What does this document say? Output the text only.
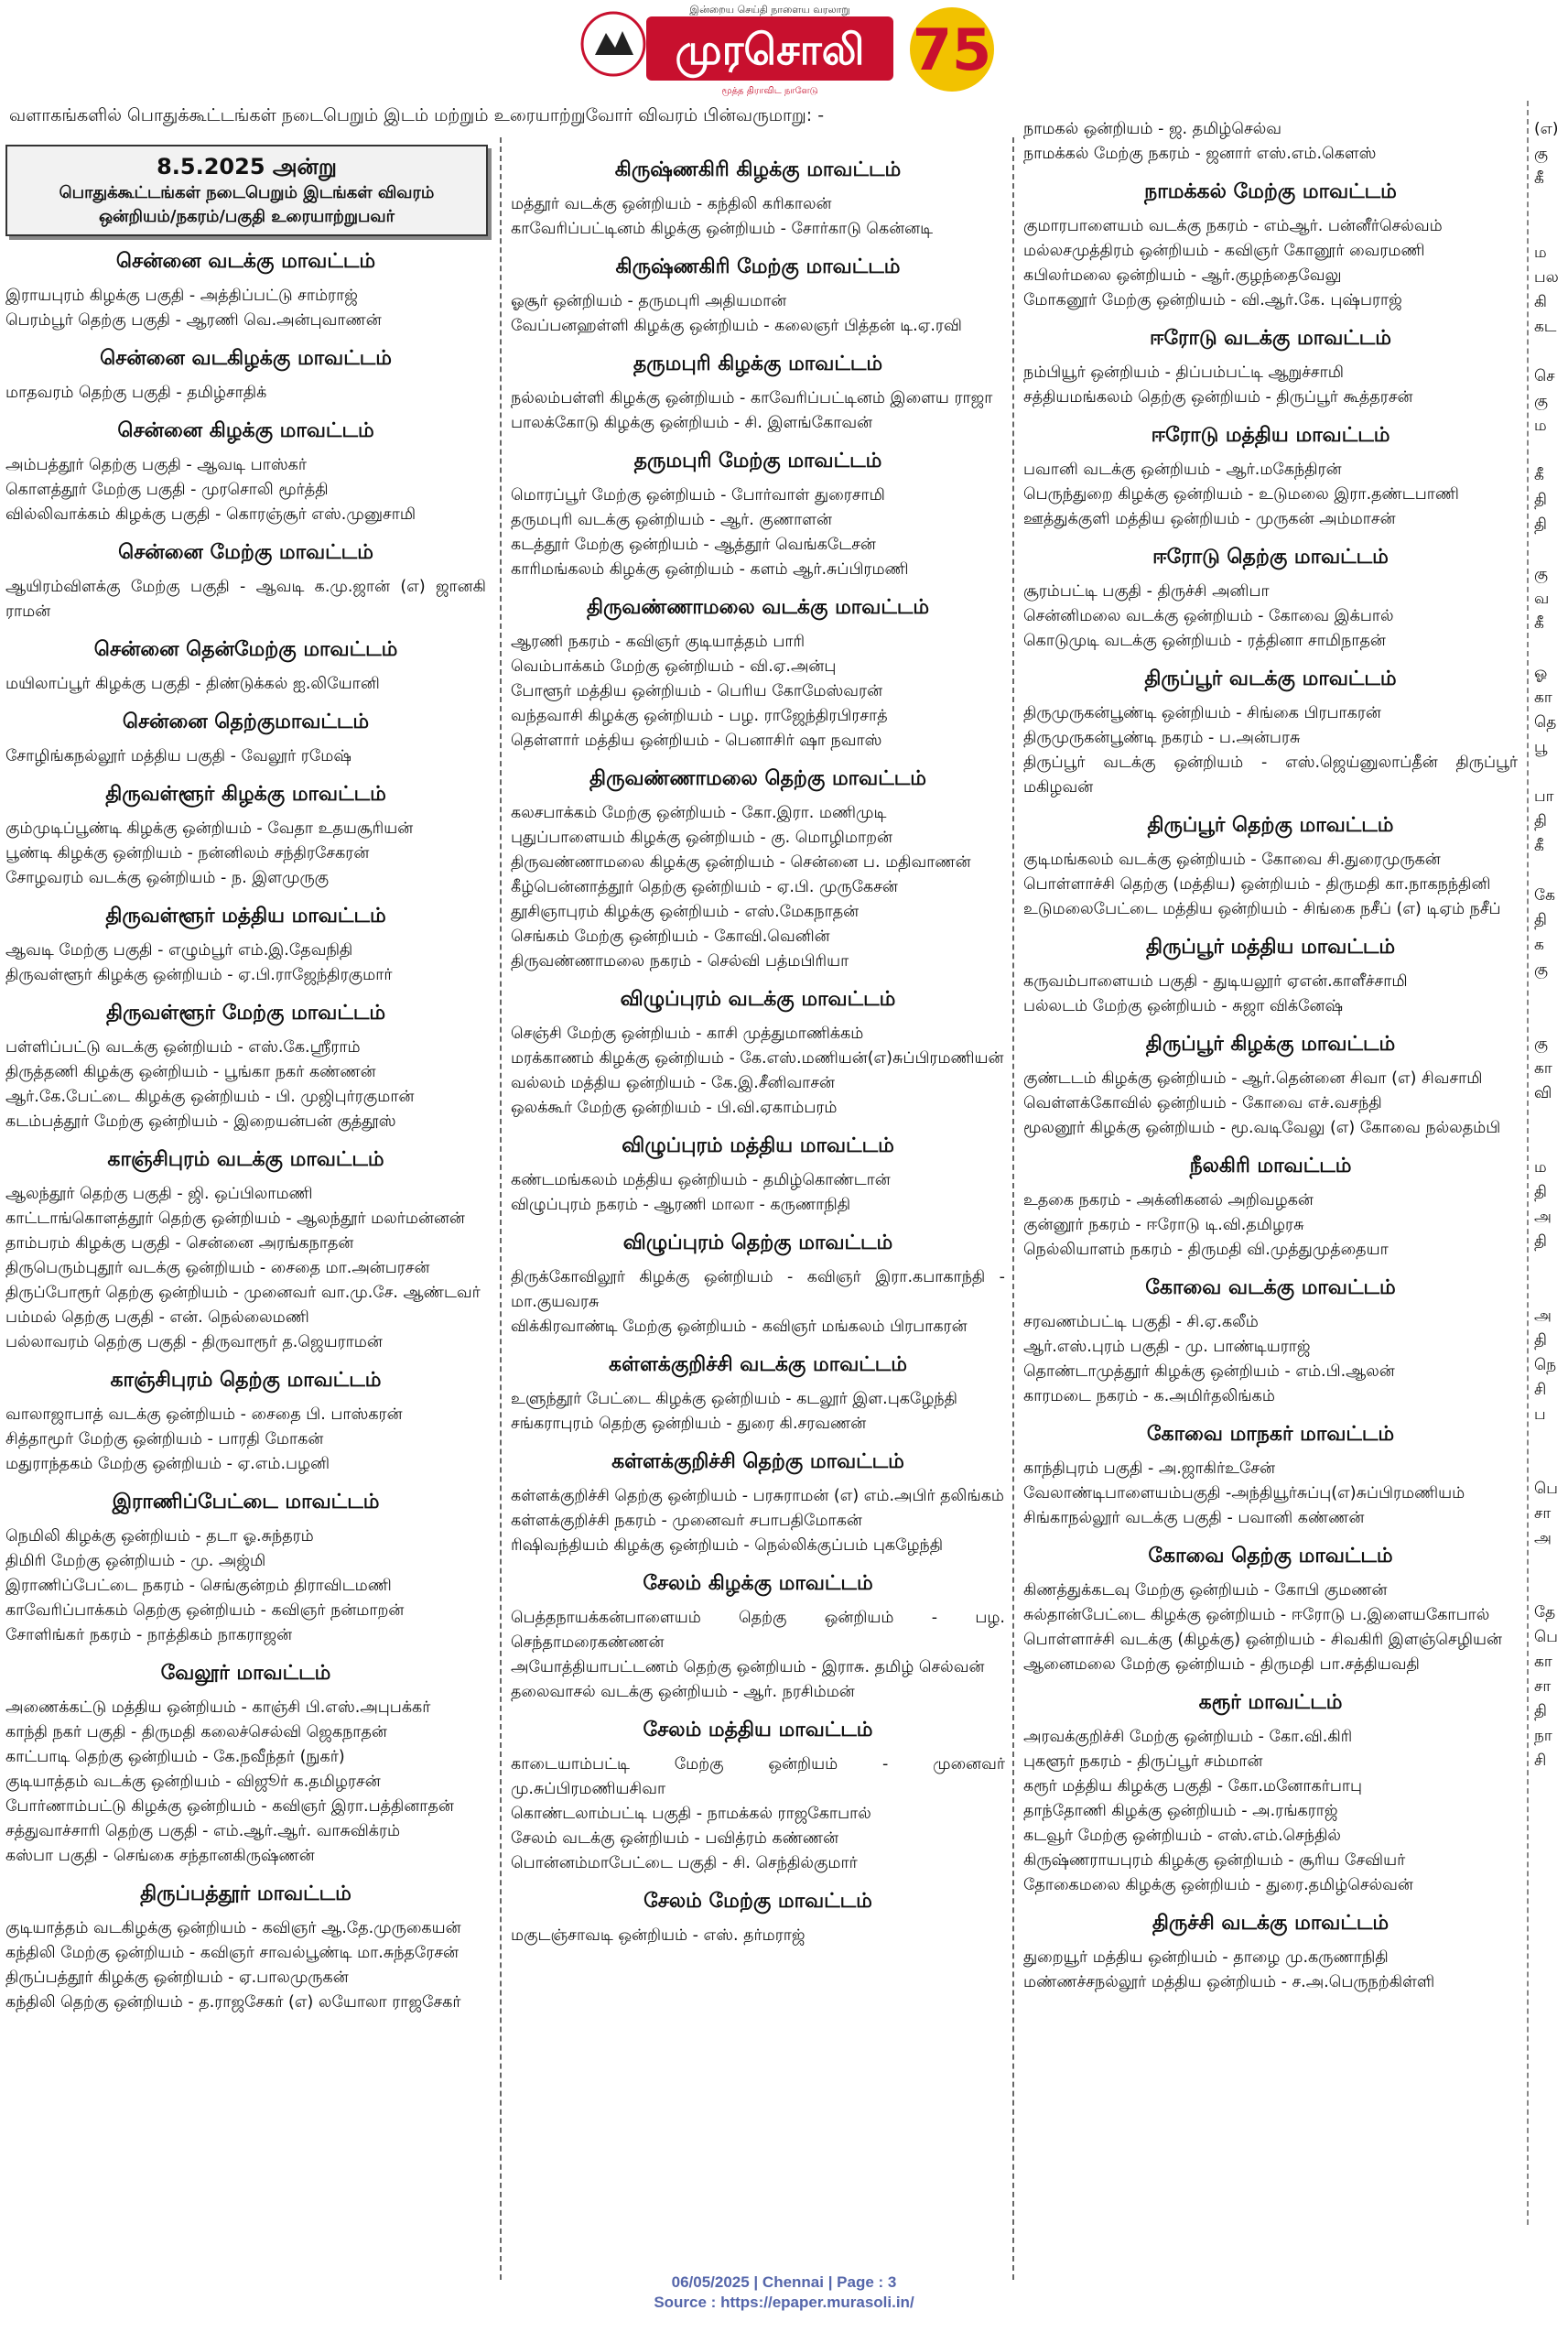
முரசொலி
இன்றைய செய்தி நாளைய வரலாறு
மூத்த திராவிட நாளேடு
75
வளாகங்களில் பொதுக்கூட்டங்கள் நடைபெறும் இடம் மற்றும் உரையாற்றுவோர் விவரம் பின்வருமாறு: -
8.5.2025 அன்று
பொதுக்கூட்டங்கள் நடைபெறும் இடங்கள் விவரம்
ஒன்றியம்/நகரம்/பகுதி உரையாற்றுபவர்
சென்னை வடக்கு மாவட்டம்

இராயபுரம் கிழக்கு பகுதி - அத்திப்பட்டு சாம்ராஜ்

பெரம்பூர் தெற்கு பகுதி - ஆரணி வெ.அன்புவாணன்

சென்னை வடகிழக்கு மாவட்டம்

மாதவரம் தெற்கு பகுதி - தமிழ்சாதிக்

சென்னை கிழக்கு மாவட்டம்

அம்பத்தூர் தெற்கு பகுதி - ஆவடி பாஸ்கர்

கொளத்தூர் மேற்கு பகுதி - முரசொலி மூர்த்தி

வில்லிவாக்கம் கிழக்கு பகுதி - கொரஞ்சூர் எஸ்.முனுசாமி

சென்னை மேற்கு மாவட்டம்

ஆயிரம்விளக்கு மேற்கு பகுதி - ஆவடி க.மு.ஜான் (எ) ஜானகி ராமன்

சென்னை தென்மேற்கு மாவட்டம்

மயிலாப்பூர் கிழக்கு பகுதி - திண்டுக்கல் ஐ.லியோனி

சென்னை தெற்குமாவட்டம்

சோழிங்கநல்லூர் மத்திய பகுதி - வேலூர் ரமேஷ்

திருவள்ளூர் கிழக்கு மாவட்டம்

கும்முடிப்பூண்டி கிழக்கு ஒன்றியம் - வேதா உதயசூரியன்

பூண்டி கிழக்கு ஒன்றியம் - நன்னிலம் சந்திரசேகரன்

சோழவரம் வடக்கு ஒன்றியம் - ந. இளமுருகு

திருவள்ளூர் மத்திய மாவட்டம்

ஆவடி மேற்கு பகுதி - எழும்பூர் எம்.இ.தேவநிதி

திருவள்ளூர் கிழக்கு ஒன்றியம் - ஏ.பி.ராஜேந்திரகுமார்

திருவள்ளூர் மேற்கு மாவட்டம்

பள்ளிப்பட்டு வடக்கு ஒன்றியம் - எஸ்.கே.ஸ்ரீராம்

திருத்தணி கிழக்கு ஒன்றியம் - பூங்கா நகர் கண்ணன்

ஆர்.கே.பேட்டை கிழக்கு ஒன்றியம் - பி. முஜிபுர்ரகுமான்

கடம்பத்தூர் மேற்கு ஒன்றியம் - இறையன்பன் குத்தூஸ்

காஞ்சிபுரம் வடக்கு மாவட்டம்

ஆலந்தூர் தெற்கு பகுதி - ஜி. ஒப்பிலாமணி

காட்டாங்கொளத்தூர் தெற்கு ஒன்றியம் - ஆலந்தூர் மலர்மன்னன்

தாம்பரம் கிழக்கு பகுதி - சென்னை அரங்கநாதன்

திருபெரும்புதூர் வடக்கு ஒன்றியம் - சைதை மா.அன்பரசன்

திருப்போரூர் தெற்கு ஒன்றியம் - முனைவர் வா.மு.சே. ஆண்டவர்

பம்மல் தெற்கு பகுதி - என். நெல்லைமணி

பல்லாவரம் தெற்கு பகுதி - திருவாரூர் த.ஜெயராமன்

காஞ்சிபுரம் தெற்கு மாவட்டம்

வாலாஜாபாத் வடக்கு ஒன்றியம் - சைதை பி. பாஸ்கரன்

சித்தாமூர் மேற்கு ஒன்றியம் - பாரதி மோகன்

மதுராந்தகம் மேற்கு ஒன்றியம் - ஏ.எம்.பழனி

இராணிப்பேட்டை மாவட்டம்

நெமிலி கிழக்கு ஒன்றியம் - தடா ஓ.சுந்தரம்

திமிரி மேற்கு ஒன்றியம் - மு. அஜ்மி

இராணிப்பேட்டை நகரம் - செங்குன்றம் திராவிடமணி

காவேரிப்பாக்கம் தெற்கு ஒன்றியம் - கவிஞர் நன்மாறன்

சோளிங்கர் நகரம் - நாத்திகம் நாகராஜன்

வேலூர் மாவட்டம்

அணைக்கட்டு மத்திய ஒன்றியம் - காஞ்சி பி.எஸ்.அபுபக்கர்

காந்தி நகர் பகுதி - திருமதி கலைச்செல்வி ஜெகநாதன்

காட்பாடி தெற்கு ஒன்றியம் - கே.நவீந்தர் (நுகர்)

குடியாத்தம் வடக்கு ஒன்றியம் - விஜூர் க.தமிழரசன்

போர்ணாம்பட்டு கிழக்கு ஒன்றியம் - கவிஞர் இரா.பத்தினாதன்

சத்துவாச்சாரி தெற்கு பகுதி - எம்.ஆர்.ஆர். வாசுவிக்ரம்

கஸ்பா பகுதி - செங்கை சந்தானகிருஷ்ணன்

திருப்பத்தூர் மாவட்டம்

குடியாத்தம் வடகிழக்கு ஒன்றியம் - கவிஞர் ஆ.தே.முருகையன்

கந்திலி மேற்கு ஒன்றியம் - கவிஞர் சாவல்பூண்டி மா.சுந்தரேசன்

திருப்பத்தூர் கிழக்கு ஒன்றியம் - ஏ.பாலமுருகன்

கந்திலி தெற்கு ஒன்றியம் - த.ராஜசேகர் (எ) லயோலா ராஜசேகர்

கிருஷ்ணகிரி கிழக்கு மாவட்டம்

மத்தூர் வடக்கு ஒன்றியம் - கந்திலி கரிகாலன்

காவேரிப்பட்டினம் கிழக்கு ஒன்றியம் - சோர்காடு கென்னடி

கிருஷ்ணகிரி மேற்கு மாவட்டம்

ஓசூர் ஒன்றியம் - தருமபுரி அதியமான்

வேப்பனஹள்ளி கிழக்கு ஒன்றியம் - கலைஞர் பித்தன் டி.ஏ.ரவி

தருமபுரி கிழக்கு மாவட்டம்

நல்லம்பள்ளி கிழக்கு ஒன்றியம் - காவேரிப்பட்டினம் இளைய ராஜா

பாலக்கோடு கிழக்கு ஒன்றியம் - சி. இளங்கோவன்

தருமபுரி மேற்கு மாவட்டம்

மொரப்பூர் மேற்கு ஒன்றியம் - போர்வாள் துரைசாமி

தருமபுரி வடக்கு ஒன்றியம் - ஆர். குணாளன்

கடத்தூர் மேற்கு ஒன்றியம் - ஆத்தூர் வெங்கடேசன்

காரிமங்கலம் கிழக்கு ஒன்றியம் - களம் ஆர்.சுப்பிரமணி

திருவண்ணாமலை வடக்கு மாவட்டம்

ஆரணி நகரம் - கவிஞர் குடியாத்தம் பாரி

வெம்பாக்கம் மேற்கு ஒன்றியம் - வி.ஏ.அன்பு

போளூர் மத்திய ஒன்றியம் - பெரிய கோமேஸ்வரன்

வந்தவாசி கிழக்கு ஒன்றியம் - பழ. ராஜேந்திரபிரசாத்

தெள்ளார் மத்திய ஒன்றியம் - பெனாசிர் ஷா நவாஸ்

திருவண்ணாமலை தெற்கு மாவட்டம்

கலசபாக்கம் மேற்கு ஒன்றியம் - கோ.இரா. மணிமுடி

புதுப்பாளையம் கிழக்கு ஒன்றியம் - கு. மொழிமாறன்

திருவண்ணாமலை கிழக்கு ஒன்றியம் - சென்னை ப. மதிவாணன்

கீழ்பென்னாத்தூர் தெற்கு ஒன்றியம் - ஏ.பி. முருகேசன்

தூசிஞாபுரம் கிழக்கு ஒன்றியம் - எஸ்.மேகநாதன்

செங்கம் மேற்கு ஒன்றியம் - கோவி.வெனின்

திருவண்ணாமலை நகரம் - செல்வி பத்மபிரியா

விழுப்புரம் வடக்கு மாவட்டம்

செஞ்சி மேற்கு ஒன்றியம் - காசி முத்துமாணிக்கம்

மரக்காணம் கிழக்கு ஒன்றியம் - கே.எஸ்.மணியன்(எ)சுப்பிரமணியன்

வல்லம் மத்திய ஒன்றியம் - கே.இ.சீனிவாசன்

ஒலக்கூர் மேற்கு ஒன்றியம் - பி.வி.ஏகாம்பரம்

விழுப்புரம் மத்திய மாவட்டம்

கண்டமங்கலம் மத்திய ஒன்றியம் - தமிழ்கொண்டான்

விழுப்புரம் நகரம் - ஆரணி மாலா - கருணாநிதி

விழுப்புரம் தெற்கு மாவட்டம்

திருக்கோவிலூர் கிழக்கு ஒன்றியம் - கவிஞர் இரா.கபாகாந்தி - மா.குயவரசு

விக்கிரவாண்டி மேற்கு ஒன்றியம் - கவிஞர் மங்கலம் பிரபாகரன்

கள்ளக்குறிச்சி வடக்கு மாவட்டம்

உளுந்தூர் பேட்டை கிழக்கு ஒன்றியம் - கடலூர் இள.புகழேந்தி

சங்கராபுரம் தெற்கு ஒன்றியம் - துரை கி.சரவணன்

கள்ளக்குறிச்சி தெற்கு மாவட்டம்

கள்ளக்குறிச்சி தெற்கு ஒன்றியம் - பரசுராமன் (எ) எம்.அபிர் தலிங்கம்

கள்ளக்குறிச்சி நகரம் - முனைவர் சபாபதிமோகன்

ரிஷிவந்தியம் கிழக்கு ஒன்றியம் - நெல்லிக்குப்பம் புகழேந்தி

சேலம் கிழக்கு மாவட்டம்

பெத்தநாயக்கன்பாளையம் தெற்கு ஒன்றியம் - பழ. செந்தாமரைகண்ணன்

அயோத்தியாபட்டணம் தெற்கு ஒன்றியம் - இராசு. தமிழ் செல்வன்

தலைவாசல் வடக்கு ஒன்றியம் - ஆர். நரசிம்மன்

சேலம் மத்திய மாவட்டம்

காடையாம்பட்டி மேற்கு ஒன்றியம் - முனைவர் மு.சுப்பிரமணியசிவா

கொண்டலாம்பட்டி பகுதி - நாமக்கல் ராஜகோபால்

சேலம் வடக்கு ஒன்றியம் - பவித்ரம் கண்ணன்

பொன்னம்மாபேட்டை பகுதி - சி. செந்தில்குமார்

சேலம் மேற்கு மாவட்டம்

மகுடஞ்சாவடி ஒன்றியம் - எஸ். தர்மராஜ்

நாமகல் ஒன்றியம் - ஜ. தமிழ்செல்வ

நாமக்கல் மேற்கு நகரம் - ஜனார் எஸ்.எம்.கௌஸ்

நாமக்கல் மேற்கு மாவட்டம்

குமாரபாளையம் வடக்கு நகரம் - எம்ஆர். பன்னீர்செல்வம்

மல்லசமுத்திரம் ஒன்றியம் - கவிஞர் கோனூர் வைரமணி

கபிலர்மலை ஒன்றியம் - ஆர்.குழந்தைவேலு

மோகனூர் மேற்கு ஒன்றியம் - வி.ஆர்.கே. புஷ்பராஜ்

ஈரோடு வடக்கு மாவட்டம்

நம்பியூர் ஒன்றியம் - திப்பம்பட்டி ஆறுச்சாமி

சத்தியமங்கலம் தெற்கு ஒன்றியம் - திருப்பூர் கூத்தரசன்

ஈரோடு மத்திய மாவட்டம்

பவானி வடக்கு ஒன்றியம் - ஆர்.மகேந்திரன்

பெருந்துறை கிழக்கு ஒன்றியம் - உடுமலை இரா.தண்டபாணி

ஊத்துக்குளி மத்திய ஒன்றியம் - முருகன் அம்மாசன்

ஈரோடு தெற்கு மாவட்டம்

சூரம்பட்டி பகுதி - திருச்சி அனிபா

சென்னிமலை வடக்கு ஒன்றியம் - கோவை இக்பால்

கொடுமுடி வடக்கு ஒன்றியம் - ரத்தினா சாமிநாதன்

திருப்பூர் வடக்கு மாவட்டம்

திருமுருகன்பூண்டி ஒன்றியம் - சிங்கை பிரபாகரன்

திருமுருகன்பூண்டி நகரம் - ப.அன்பரசு

திருப்பூர் வடக்கு ஒன்றியம் - எஸ்.ஜெய்னுலாப்தீன் திருப்பூர் மகிழவன்

திருப்பூர் தெற்கு மாவட்டம்

குடிமங்கலம் வடக்கு ஒன்றியம் - கோவை சி.துரைமுருகன்

பொள்ளாச்சி தெற்கு (மத்திய) ஒன்றியம் - திருமதி கா.நாகநந்தினி

உடுமலைபேட்டை மத்திய ஒன்றியம் - சிங்கை நசீப் (எ) டிஏம் நசீப்

திருப்பூர் மத்திய மாவட்டம்

கருவம்பாளையம் பகுதி - துடியலூர் ஏஎன்.காளீச்சாமி

பல்லடம் மேற்கு ஒன்றியம் - சுஜா விக்னேஷ்

திருப்பூர் கிழக்கு மாவட்டம்

குண்டடம் கிழக்கு ஒன்றியம் - ஆர்.தென்னை சிவா (எ) சிவசாமி

வெள்ளக்கோவில் ஒன்றியம் - கோவை எச்.வசந்தி

மூலனூர் கிழக்கு ஒன்றியம் - மூ.வடிவேலு (எ) கோவை நல்லதம்பி

நீலகிரி மாவட்டம்

உதகை நகரம் - அக்னிகனல் அறிவழகன்

குன்னூர் நகரம் - ஈரோடு டி.வி.தமிழரசு

நெல்லியாளம் நகரம் - திருமதி வி.முத்துமுத்தையா

கோவை வடக்கு மாவட்டம்

சரவணம்பட்டி பகுதி - சி.ஏ.கலீம்

ஆர்.எஸ்.புரம் பகுதி - மு. பாண்டியராஜ்

தொண்டாமுத்தூர் கிழக்கு ஒன்றியம் - எம்.பி.ஆலன்

காரமடை நகரம் - க.அமிர்தலிங்கம்

கோவை மாநகர் மாவட்டம்

காந்திபுரம் பகுதி - அ.ஜாகிர்உசேன்

வேலாண்டிபாளையம்பகுதி -அந்தியூர்சுப்பு(எ)சுப்பிரமணியம்

சிங்காநல்லூர் வடக்கு பகுதி - பவானி கண்ணன்

கோவை தெற்கு மாவட்டம்

கிணத்துக்கடவு மேற்கு ஒன்றியம் - கோபி குமணன்

சுல்தான்பேட்டை கிழக்கு ஒன்றியம் - ஈரோடு ப.இளையகோபால்

பொள்ளாச்சி வடக்கு (கிழக்கு) ஒன்றியம் - சிவகிரி இளஞ்செழியன்

ஆனைமலை மேற்கு ஒன்றியம் - திருமதி பா.சத்தியவதி

கரூர் மாவட்டம்

அரவக்குறிச்சி மேற்கு ஒன்றியம் - கோ.வி.கிரி

புகளூர் நகரம் - திருப்பூர் சம்மான்

கரூர் மத்திய கிழக்கு பகுதி - கோ.மனோகர்பாபு

தாந்தோணி கிழக்கு ஒன்றியம் - அ.ரங்கராஜ்

கடவூர் மேற்கு ஒன்றியம் - எஸ்.எம்.செந்தில்

கிருஷ்ணராயபுரம் கிழக்கு ஒன்றியம் - சூரிய சேவியர்

தோகைமலை கிழக்கு ஒன்றியம் - துரை.தமிழ்செல்வன்

திருச்சி வடக்கு மாவட்டம்

துறையூர் மத்திய ஒன்றியம் - தாழை மு.கருணாநிதி

மண்ணச்சநல்லூர் மத்திய ஒன்றியம் - ச.அ.பெருநற்கிள்ளி

(எ)
கு
கீ

ம
பல
கி
கட

செ
கு
ம

கீ
தி
தி

கு
வ
கீ

ஓ
கா
தெ
பூ

பா
தி
கீ

கே
தி
க
கு

கு
கா
வி

ம
தி
அ
தி

அ
தி
நெ
சி
ப

பெ
சா
அ

தே
பெ
கா
சா
தி
நா
சி
06/05/2025 | Chennai | Page : 3
Source : https://epaper.murasoli.in/
